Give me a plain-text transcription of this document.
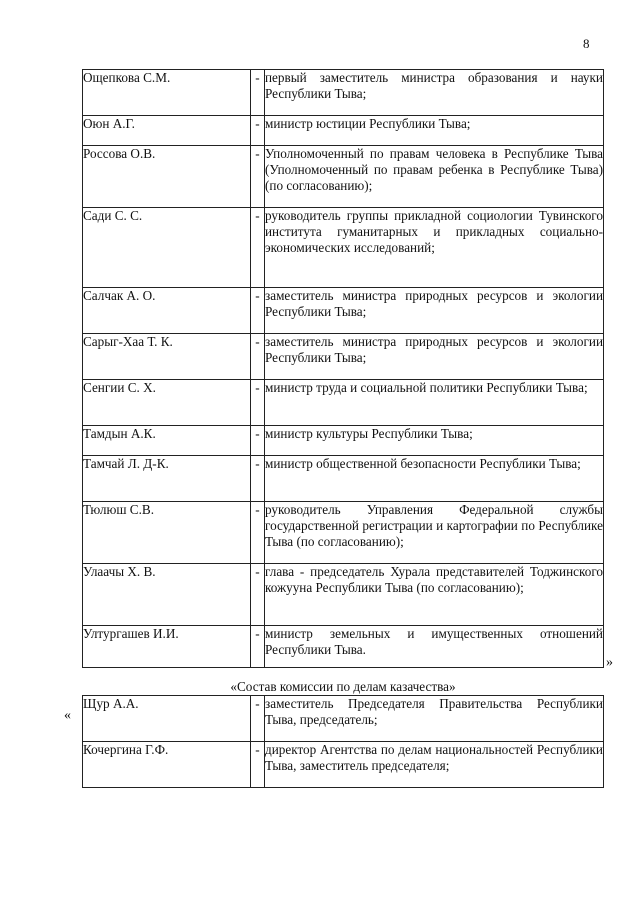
8
Ощепкова С.М.	-	первый заместитель министра образования и науки Республики Тыва;

Оюн А.Г.	-	министр юстиции Республики Тыва;

Россова О.В.	-	Уполномоченный по правам человека в Республике Тыва (Уполномоченный по правам ребенка в Республике Тыва) (по согласованию);

Сади С. С.	-	руководитель группы прикладной социологии Тувинского института гуманитарных и прикладных социально-экономических исследований;

Салчак А. О.	-	заместитель министра природных ресурсов и экологии Республики Тыва;

Сарыг-Хаа Т. К.	-	заместитель министра природных ресурсов и экологии Республики Тыва;

Сенгии С. Х.	-	министр труда и социальной политики Республики Тыва;

Тамдын А.К.	-	министр культуры Республики Тыва;

Тамчай Л. Д-К.	-	министр общественной безопасности Республики Тыва;

Тюлюш С.В.	-	руководитель Управления Федеральной службы государственной регистрации и картографии по Республике Тыва (по согласованию);

Улаачы Х. В.	-	глава - председатель Хурала представителей Тоджинского кожууна Республики Тыва (по согласованию);

Ултургашев И.И.	-	министр земельных и имущественных отношений Республики Тыва.
»
«Состав комиссии по делам казачества»
«
Щур А.А.	-	заместитель Председателя Правительства Республики Тыва, председатель;

Кочергина Г.Ф.	-	директор Агентства по делам национальностей Республики Тыва, заместитель председателя;
